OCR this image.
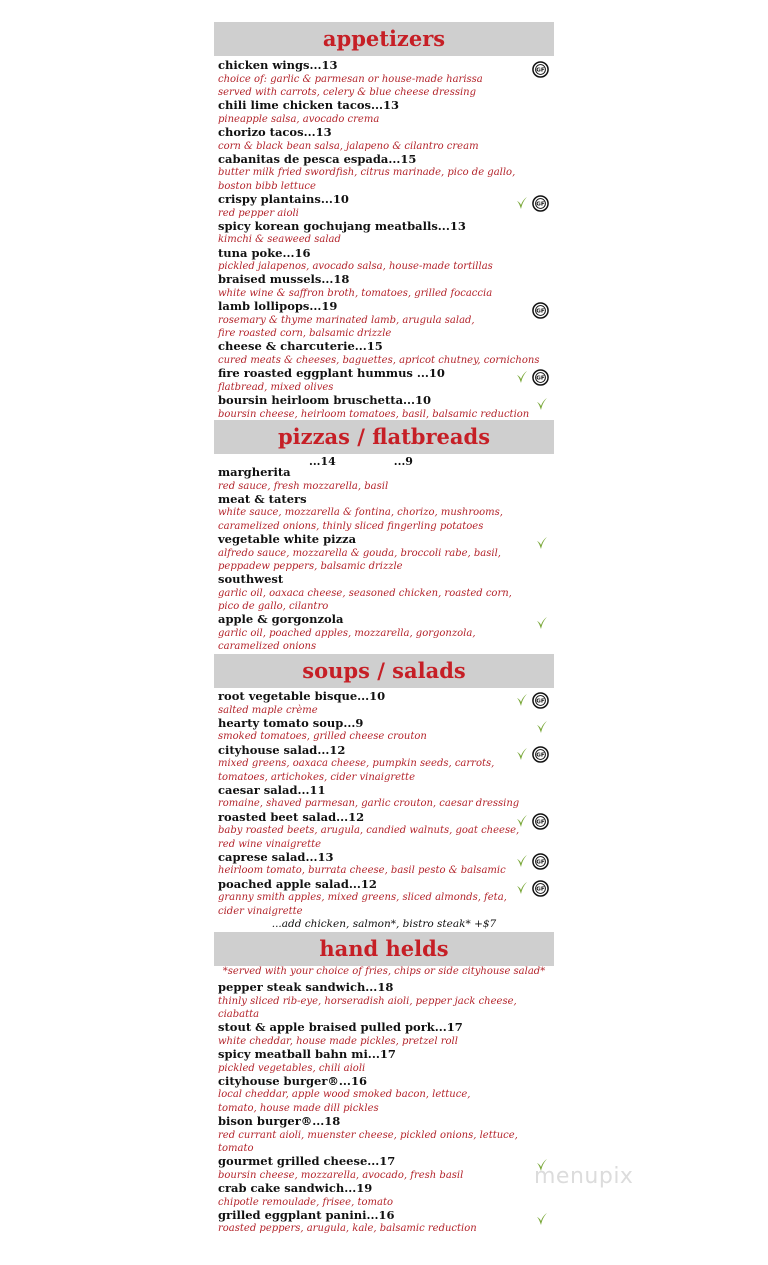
appetizers
chicken wings...13
choice of: garlic & parmesan or house-made harissa
served with carrots, celery & blue cheese dressing
GF
chili lime chicken tacos...13
pineapple salsa, avocado crema
chorizo tacos...13
corn & black bean salsa, jalapeno & cilantro cream
cabanitas de pesca espada...15
butter milk fried swordfish, citrus marinade, pico de gallo,
boston bibb lettuce
crispy plantains...10
red pepper aioli
GF
spicy korean gochujang meatballs...13
kimchi & seaweed salad
tuna poke...16
pickled jalapenos, avocado salsa, house-made tortillas
braised mussels...18
white wine & saffron broth, tomatoes, grilled focaccia
lamb lollipops...19
rosemary & thyme marinated lamb, arugula salad,
fire roasted corn, balsamic drizzle
GF
cheese & charcuterie...15
cured meats & cheeses, baguettes, apricot chutney, cornichons
fire roasted eggplant hummus ...10
flatbread, mixed olives
GF
boursin heirloom bruschetta...10
boursin cheese, heirloom tomatoes, basil, balsamic reduction
pizzas / flatbreads
...14	...9
margherita
red sauce, fresh mozzarella, basil
meat & taters
white sauce, mozzarella & fontina, chorizo, mushrooms,
caramelized onions, thinly sliced fingerling potatoes
vegetable white pizza
alfredo sauce, mozzarella & gouda, broccoli rabe, basil,
peppadew peppers, balsamic drizzle
southwest
garlic oil, oaxaca cheese, seasoned chicken, roasted corn,
pico de gallo, cilantro
apple & gorgonzola
garlic oil, poached apples, mozzarella, gorgonzola,
caramelized onions
soups / salads
root vegetable bisque...10
salted maple crème
GF
hearty tomato soup...9
smoked tomatoes, grilled cheese crouton
cityhouse salad...12
mixed greens, oaxaca cheese, pumpkin seeds, carrots,
tomatoes, artichokes, cider vinaigrette
GF
caesar salad...11
romaine, shaved parmesan, garlic crouton, caesar dressing
roasted beet salad...12
baby roasted beets, arugula, candied walnuts, goat cheese,
red wine vinaigrette
GF
caprese salad...13
heirloom tomato, burrata cheese, basil pesto & balsamic
GF
poached apple salad...12
granny smith apples, mixed greens, sliced almonds, feta,
cider vinaigrette
GF
...add chicken, salmon*, bistro steak* +$7
hand helds
*served with your choice of fries, chips or side cityhouse salad*
pepper steak sandwich...18
thinly sliced rib-eye, horseradish aioli, pepper jack cheese,
ciabatta
stout & apple braised pulled pork...17
white cheddar, house made pickles, pretzel roll
spicy meatball bahn mi...17
pickled vegetables, chili aioli
cityhouse burger®...16
local cheddar, apple wood smoked bacon, lettuce,
tomato, house made dill pickles
bison burger®...18
red currant aioli, muenster cheese, pickled onions, lettuce,
tomato
gourmet grilled cheese...17
boursin cheese, mozzarella, avocado, fresh basil
crab cake sandwich...19
chipotle remoulade, frisee, tomato
grilled eggplant panini...16
roasted peppers, arugula, kale, balsamic reduction
menupix
